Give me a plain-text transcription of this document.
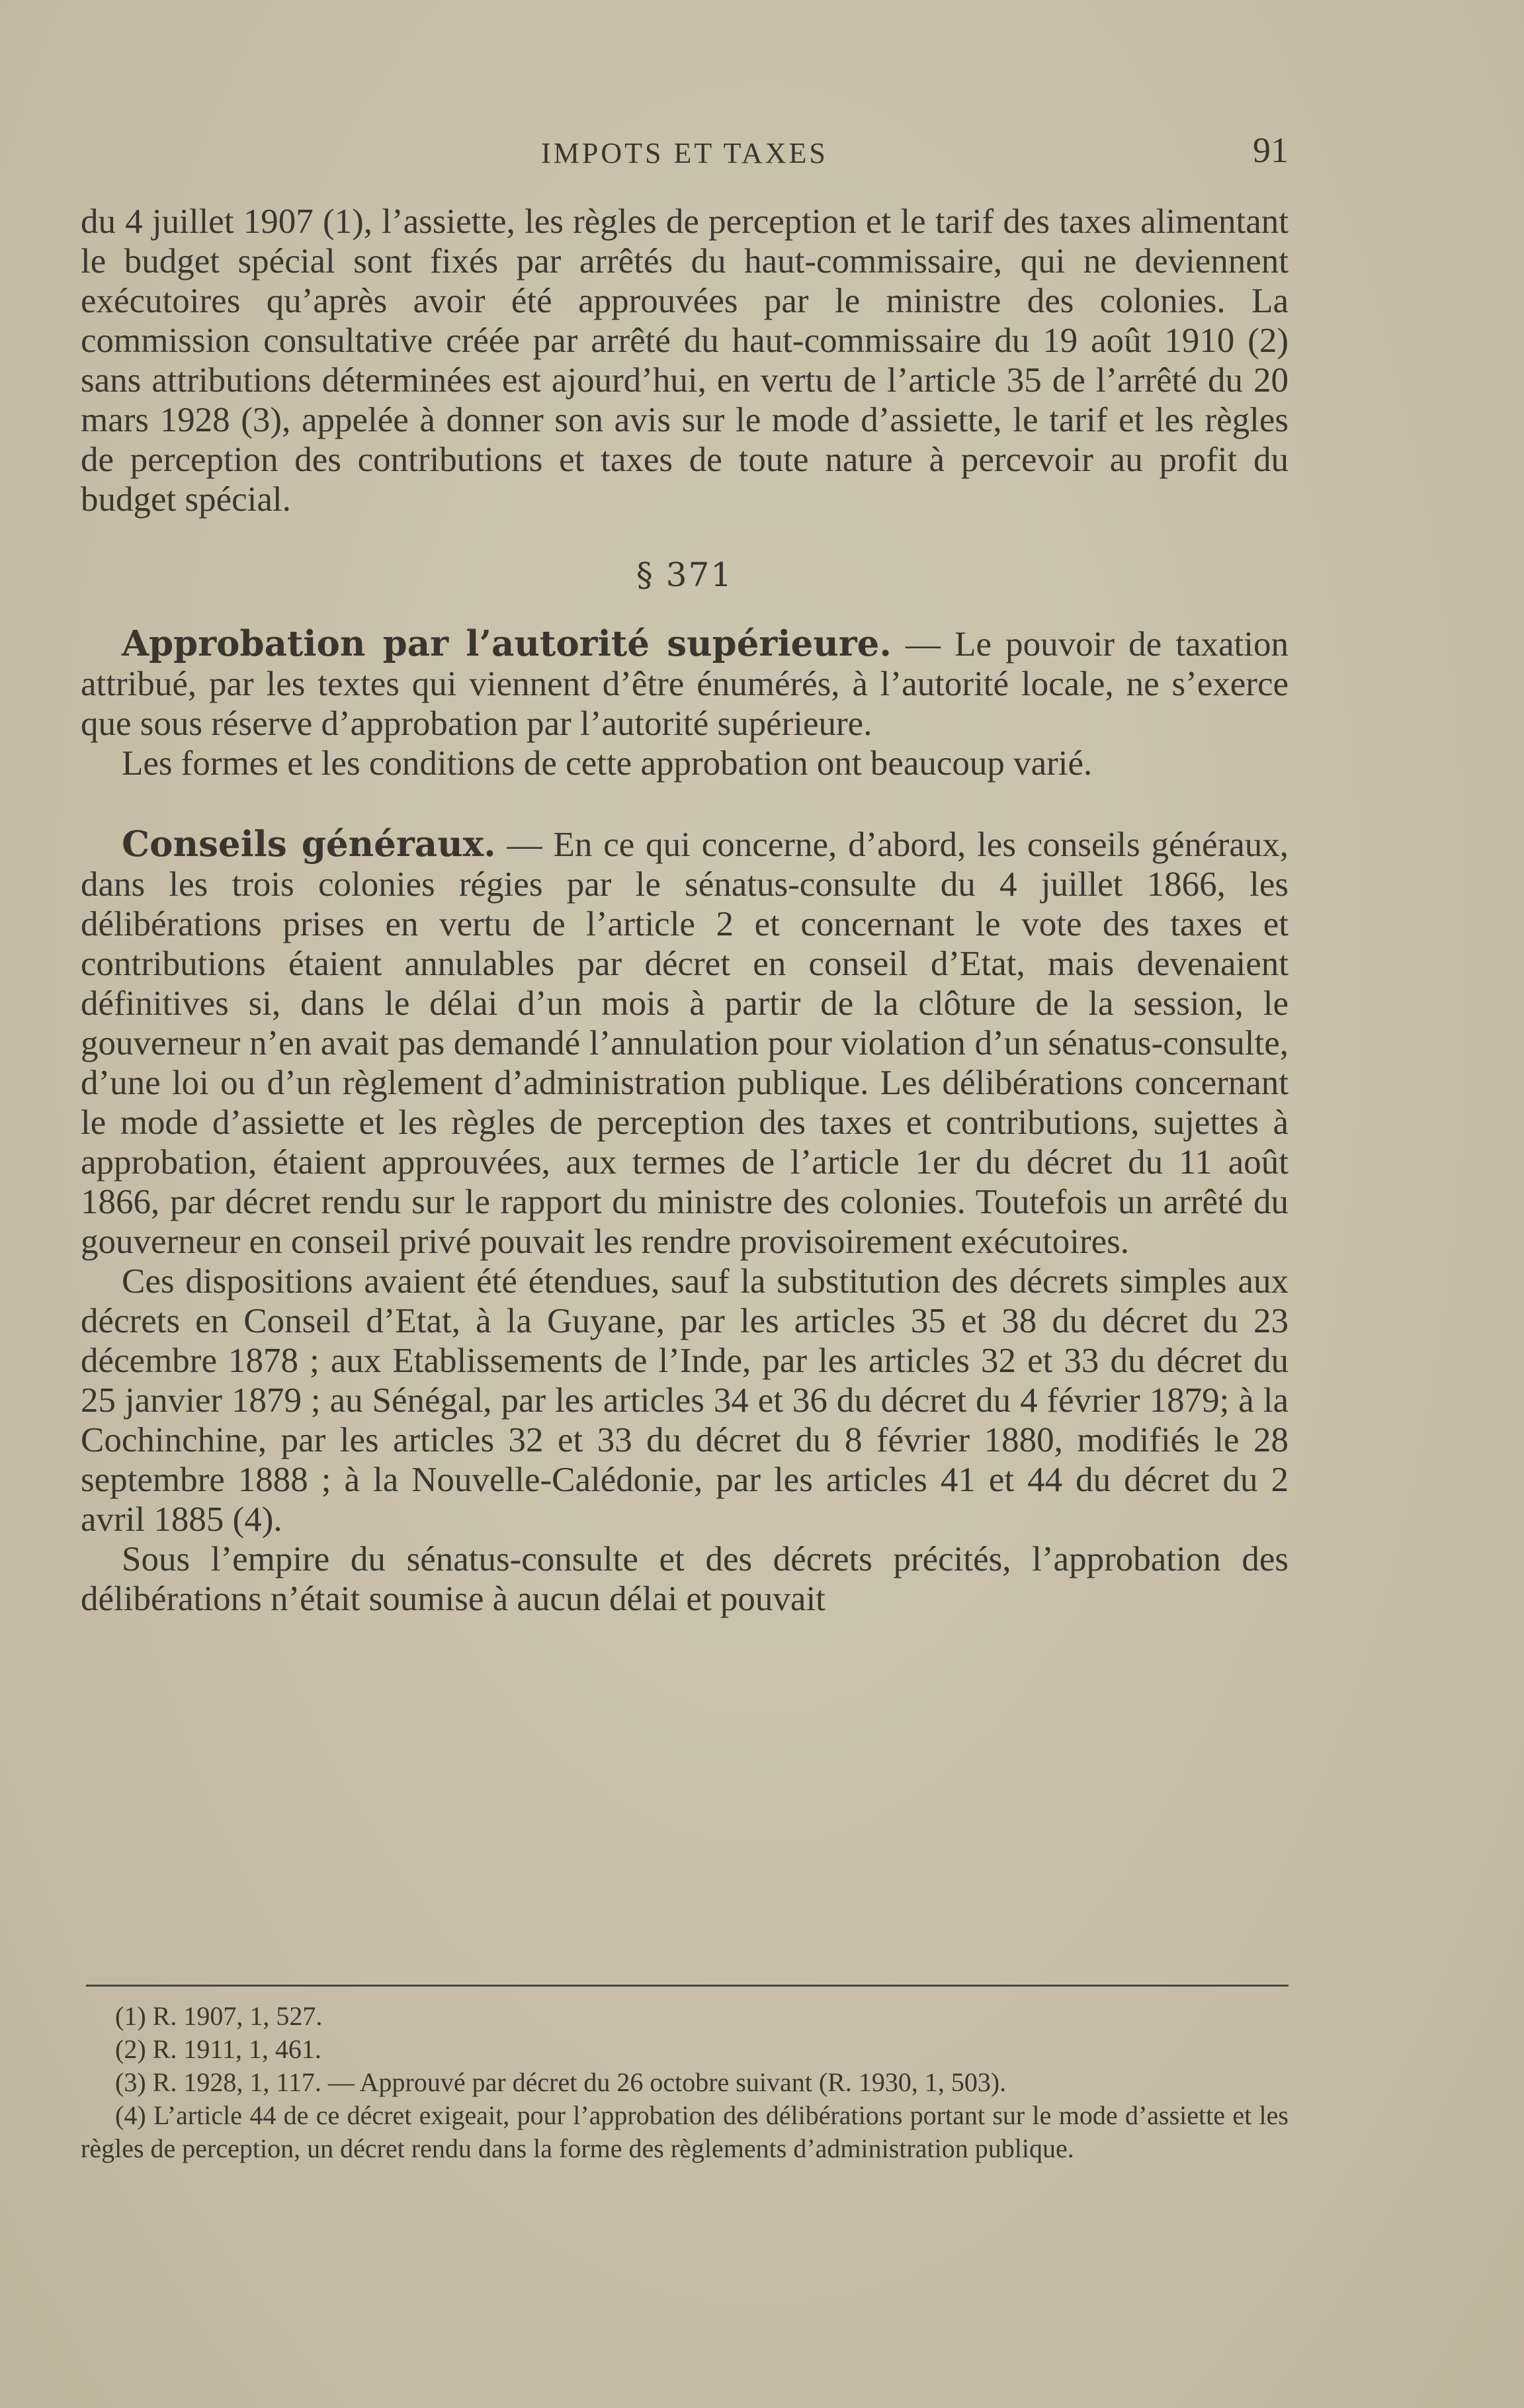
IMPOTS ET TAXES	91

du 4 juillet 1907 (1), l’assiette, les règles de perception et le tarif des taxes alimentant le budget spécial sont fixés par arrêtés du haut-commissaire, qui ne deviennent exécutoires qu’après avoir été approuvées par le ministre des colonies. La commission consultative créée par arrêté du haut-commissaire du 19 août 1910 (2) sans attributions déterminées est ajourd’hui, en vertu de l’article 35 de l’arrêté du 20 mars 1928 (3), appelée à donner son avis sur le mode d’assiette, le tarif et les règles de perception des contributions et taxes de toute nature à percevoir au profit du budget spécial.

§ 371

Approbation par l’autorité supérieure. — Le pouvoir de taxation attribué, par les textes qui viennent d’être énumérés, à l’autorité locale, ne s’exerce que sous réserve d’approbation par l’autorité supérieure.

Les formes et les conditions de cette approbation ont beaucoup varié.

Conseils généraux. — En ce qui concerne, d’abord, les conseils généraux, dans les trois colonies régies par le sénatus-consulte du 4 juillet 1866, les délibérations prises en vertu de l’article 2 et concernant le vote des taxes et contributions étaient annulables par décret en conseil d’Etat, mais devenaient définitives si, dans le délai d’un mois à partir de la clôture de la session, le gouverneur n’en avait pas demandé l’annulation pour violation d’un sénatus-consulte, d’une loi ou d’un règlement d’administration publique. Les délibérations concernant le mode d’assiette et les règles de perception des taxes et contributions, sujettes à approbation, étaient approuvées, aux termes de l’article 1er du décret du 11 août 1866, par décret rendu sur le rapport du ministre des colonies. Toutefois un arrêté du gouverneur en conseil privé pouvait les rendre provisoirement exécutoires.

Ces dispositions avaient été étendues, sauf la substitution des décrets simples aux décrets en Conseil d’Etat, à la Guyane, par les articles 35 et 38 du décret du 23 décembre 1878 ; aux Etablissements de l’Inde, par les articles 32 et 33 du décret du 25 janvier 1879 ; au Sénégal, par les articles 34 et 36 du décret du 4 février 1879; à la Cochinchine, par les articles 32 et 33 du décret du 8 février 1880, modifiés le 28 septembre 1888 ; à la Nouvelle-Calédonie, par les articles 41 et 44 du décret du 2 avril 1885 (4).

Sous l’empire du sénatus-consulte et des décrets précités, l’approbation des délibérations n’était soumise à aucun délai et pouvait

(1) R. 1907, 1, 527.

(2) R. 1911, 1, 461.

(3) R. 1928, 1, 117. — Approuvé par décret du 26 octobre suivant (R. 1930, 1, 503).

(4) L’article 44 de ce décret exigeait, pour l’approbation des délibérations portant sur le mode d’assiette et les règles de perception, un décret rendu dans la forme des règlements d’administration publique.
